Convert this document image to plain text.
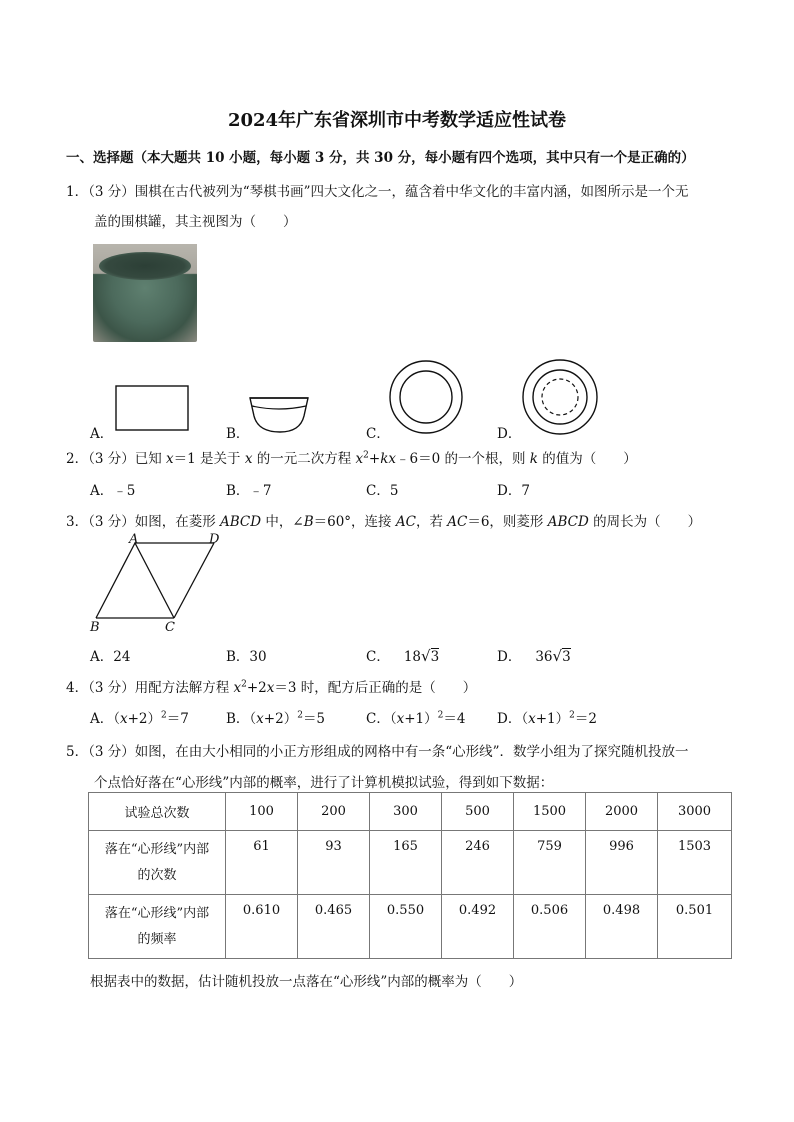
2024年广东省深圳市中考数学适应性试卷
一、选择题（本大题共 10 小题，每小题 3 分，共 30 分，每小题有四个选项，其中只有一个是正确的）
1．（3 分）围棋在古代被列为“琴棋书画”四大文化之一，蕴含着中华文化的丰富内涵，如图所示是一个无
盖的围棋罐，其主视图为（　　）
A．	B．	C．	D．
2．（3 分）已知 x＝1 是关于 x 的一元二次方程 $x^2+kx﹣6=0$ 的一个根，则 k 的值为（　　）
A．﹣5	B．﹣7	C．5	D．7
3．（3 分）如图，在菱形 ABCD 中，∠B＝60°，连接 AC，若 AC＝6，则菱形 ABCD 的周长为（　　）
A	D
B	C
A．24	B．30	C． 18√3	D． 36√3
4．（3 分）用配方法解方程 $x^2+2x=3$ 时，配方后正确的是（　　）
A．$(x+2)^2=7$	B．$(x+2)^2=5$	C．$(x+1)^2=4$ D．$(x+1)^2=2$
5．（3 分）如图，在由大小相同的小正方形组成的网格中有一条“心形线”．数学小组为了探究随机投放一
个点恰好落在“心形线”内部的概率，进行了计算机模拟试验，得到如下数据：
试验总次数	100	200	300	500	1500	2000	3000

落在“心形线”内部
的次数	61	93	165	246	759	996	1503

落在“心形线”内部
的频率	0.610	0.465	0.550	0.492	0.506	0.498	0.501
根据表中的数据，估计随机投放一点落在“心形线”内部的概率为（　　）
